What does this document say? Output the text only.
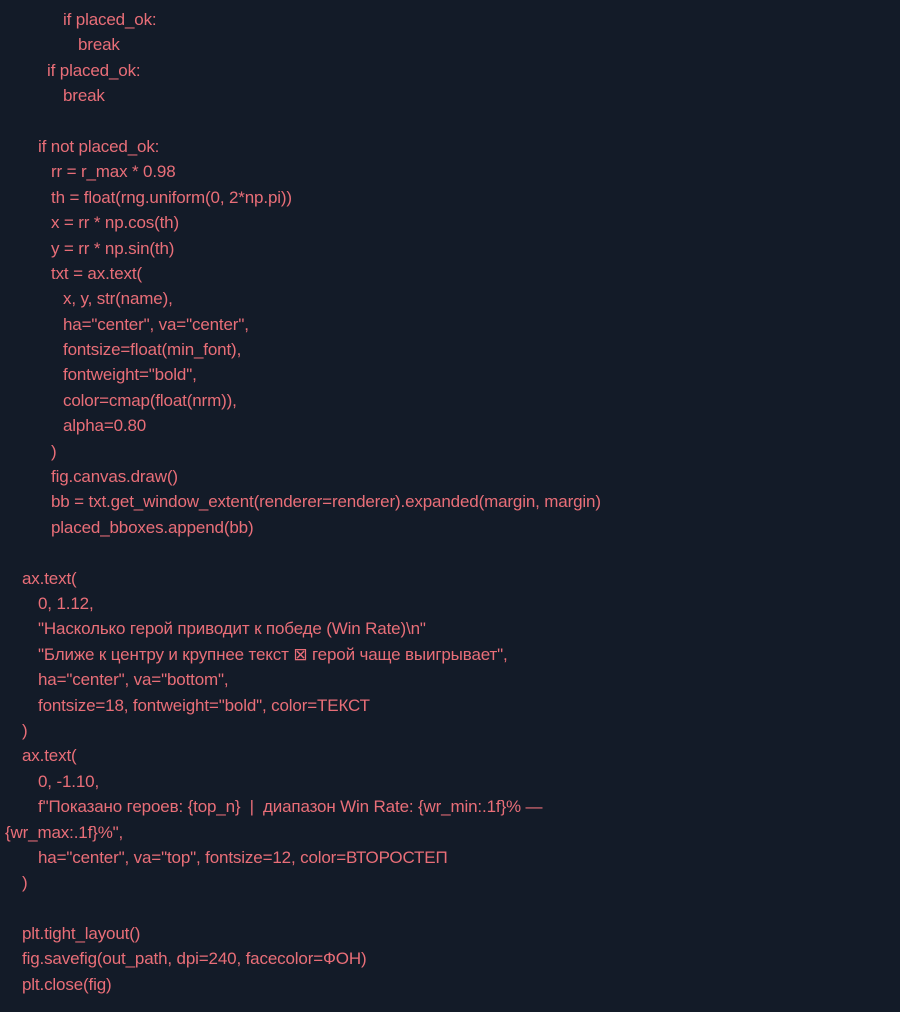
if placed_ok:
break
if placed_ok:
break
if not placed_ok:
rr = r_max * 0.98
th = float(rng.uniform(0, 2*np.pi))
x = rr * np.cos(th)
y = rr * np.sin(th)
txt = ax.text(
x, y, str(name),
ha="center", va="center",
fontsize=float(min_font),
fontweight="bold",
color=cmap(float(nrm)),
alpha=0.80
)
fig.canvas.draw()
bb = txt.get_window_extent(renderer=renderer).expanded(margin, margin)
placed_bboxes.append(bb)
ax.text(
0, 1.12,
"Насколько герой приводит к победе (Win Rate)\n"
"Ближе к центру и крупнее текст ⊠ герой чаще выигрывает",
ha="center", va="bottom",
fontsize=18, fontweight="bold", color=ТЕКСТ
)
ax.text(
0, -1.10,
f"Показано героев: {top_n}  |  диапазон Win Rate: {wr_min:.1f}% —
{wr_max:.1f}%",
ha="center", va="top", fontsize=12, color=ВТОРОСТЕП
)
plt.tight_layout()
fig.savefig(out_path, dpi=240, facecolor=ФОН)
plt.close(fig)
